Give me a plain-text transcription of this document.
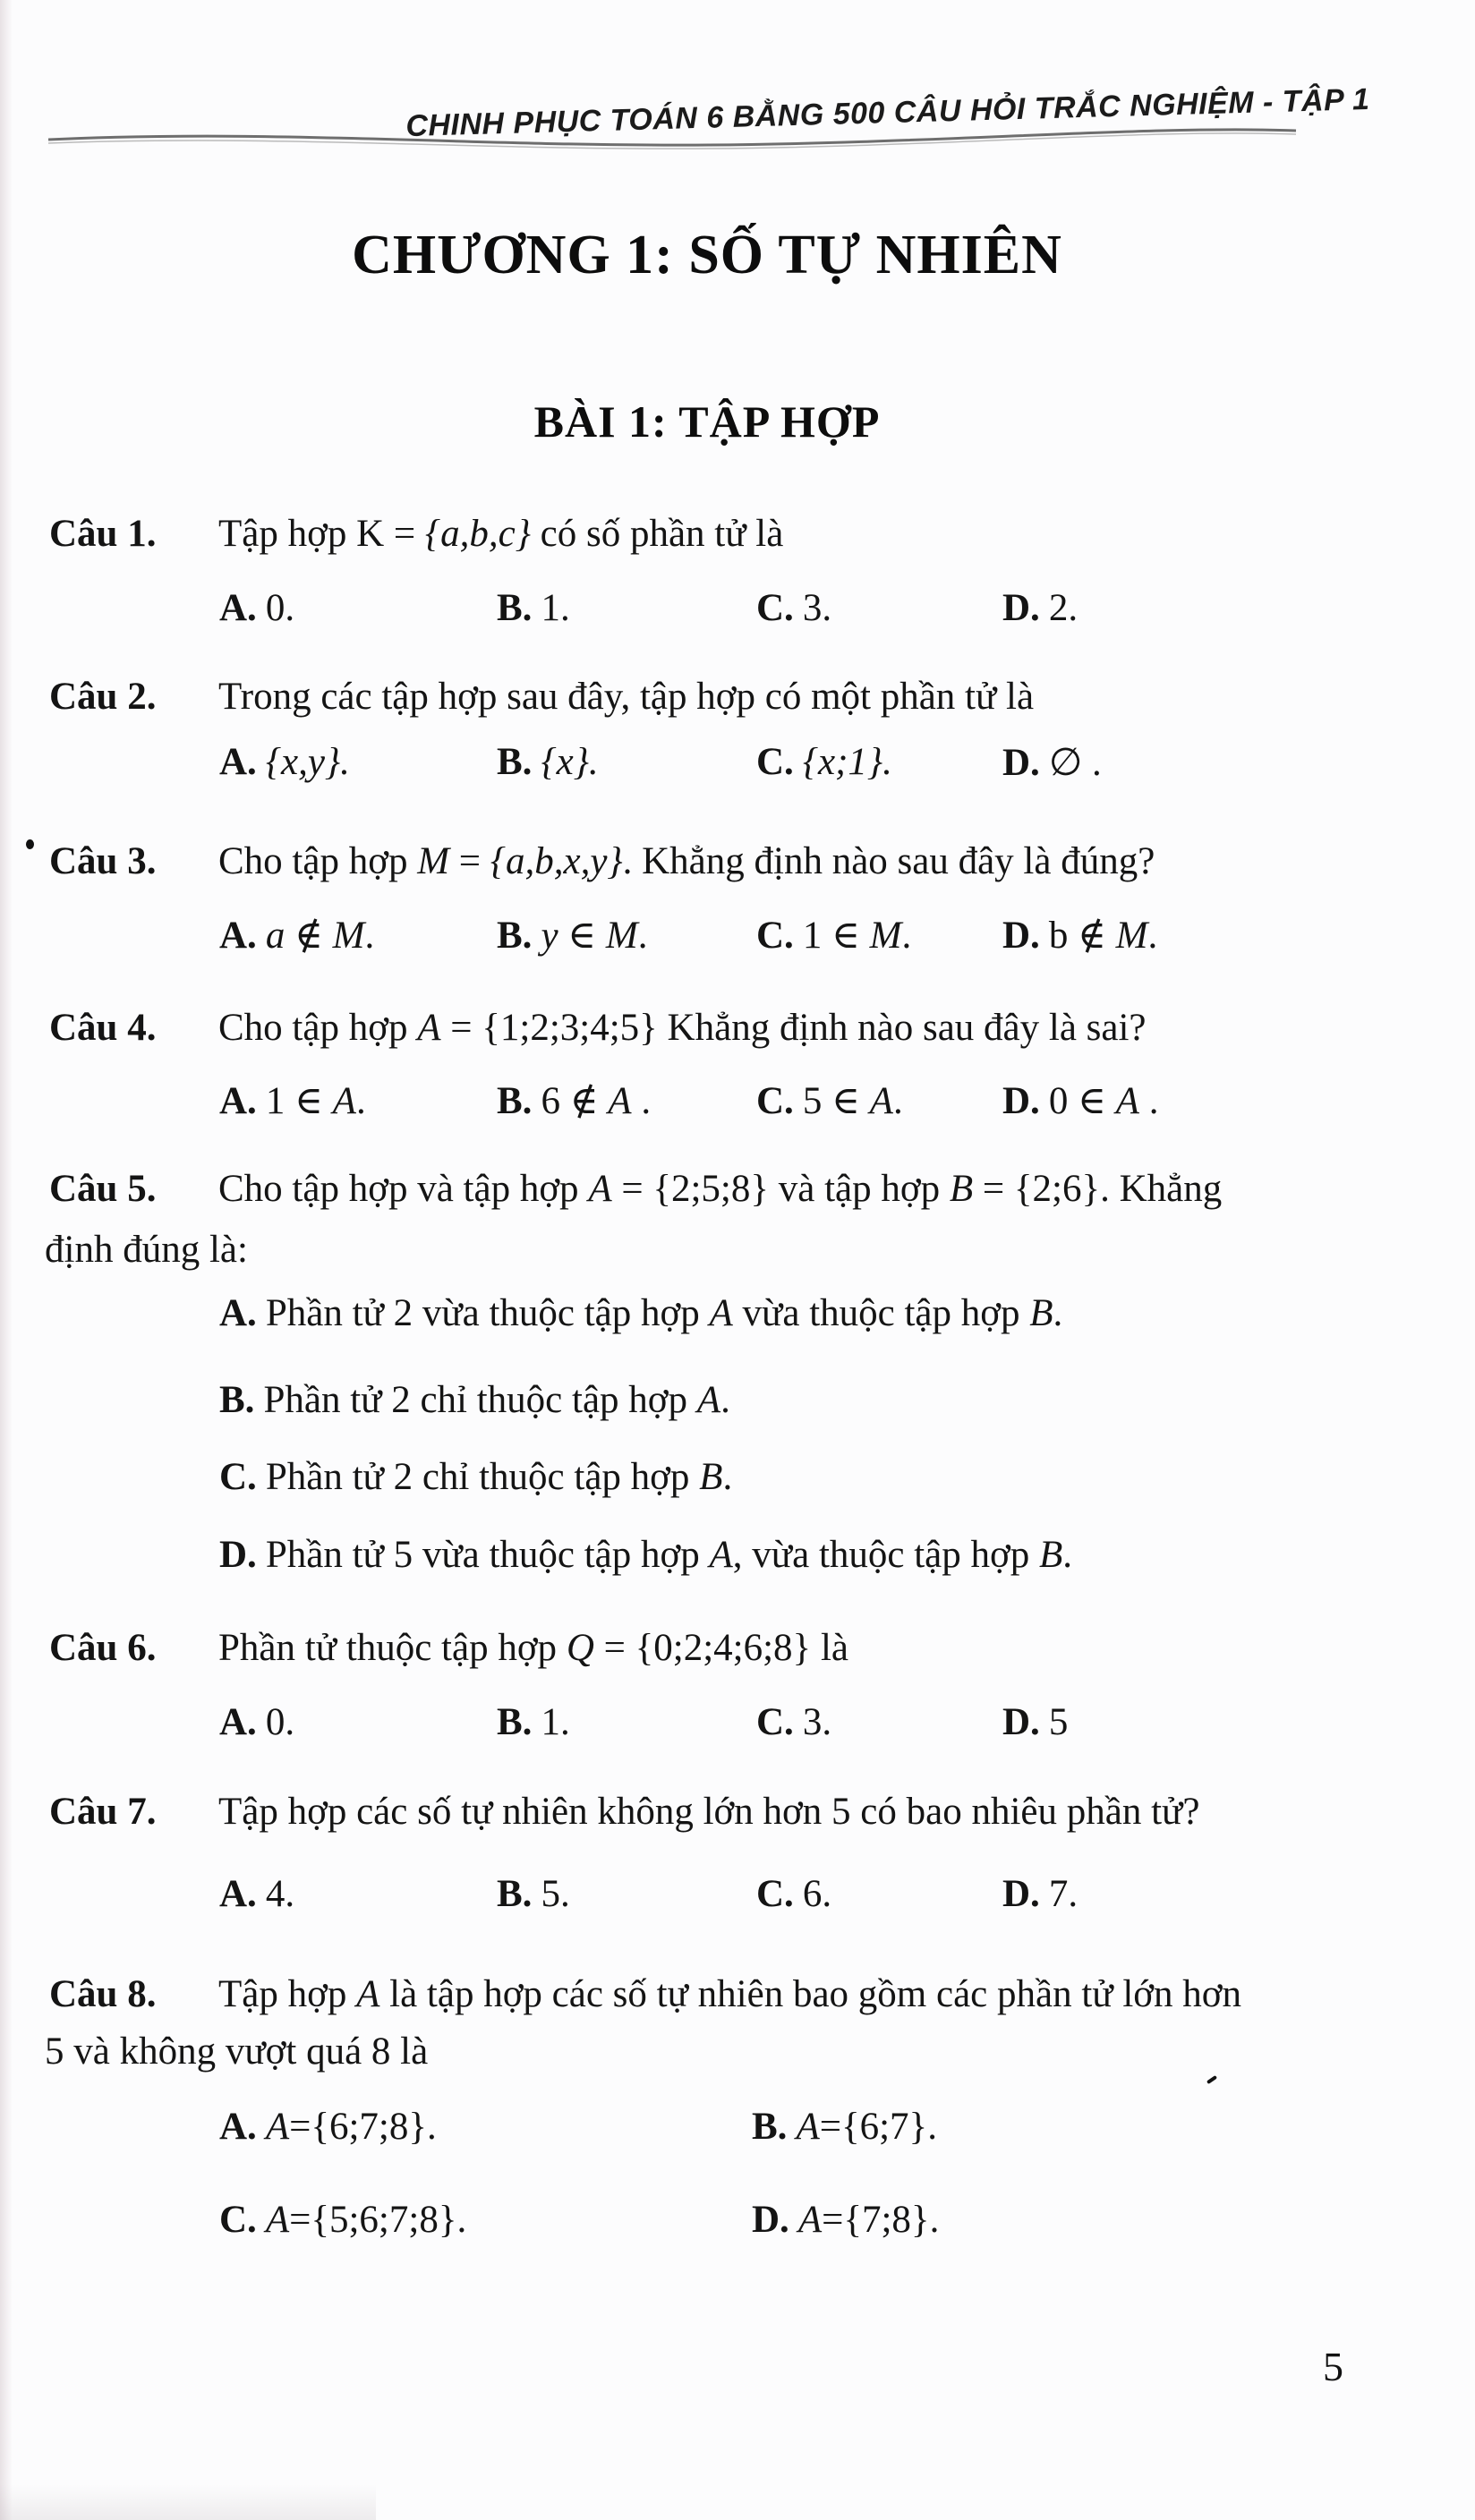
CHINH PHỤC TOÁN 6 BẰNG 500 CÂU HỎI TRẮC NGHIỆM - TẬP 1
CHƯƠNG 1: SỐ TỰ NHIÊN
BÀI 1: TẬP HỢP
Câu 1. Tập hợp K = {a,b,c} có số phần tử là
A. 0.	B. 1.	C. 3.	D. 2.
Câu 2. Trong các tập hợp sau đây, tập hợp có một phần tử là
A. {x,y}.	B. {x}.	C. {x;1}.	D. ∅ .
Câu 3. Cho tập hợp M = {a,b,x,y}. Khẳng định nào sau đây là đúng?
A. a ∉ M.	B. y ∈ M.	C. 1 ∈ M. D. b ∉ M.
Câu 4. Cho tập hợp A = {1;2;3;4;5} Khẳng định nào sau đây là sai?
A. 1 ∈ A.	B. 6 ∉ A .	C. 5 ∈ A.	D. 0 ∈ A .
Câu 5. Cho tập hợp và tập hợp A = {2;5;8} và tập hợp B = {2;6}. Khẳng
định đúng là:
A. Phần tử 2 vừa thuộc tập hợp A vừa thuộc tập hợp B.
B. Phần tử 2 chỉ thuộc tập hợp A.
C. Phần tử 2 chỉ thuộc tập hợp B.
D. Phần tử 5 vừa thuộc tập hợp A, vừa thuộc tập hợp B.
Câu 6. Phần tử thuộc tập hợp Q = {0;2;4;6;8} là
A. 0.	B. 1.	C. 3.	D. 5
Câu 7. Tập hợp các số tự nhiên không lớn hơn 5 có bao nhiêu phần tử?
A. 4.	B. 5.	C. 6.	D. 7.
Câu 8. Tập hợp A là tập hợp các số tự nhiên bao gồm các phần tử lớn hơn
5 và không vượt quá 8 là
A. A={6;7;8}.	B. A={6;7}.
C. A={5;6;7;8}.	D. A={7;8}.
5
